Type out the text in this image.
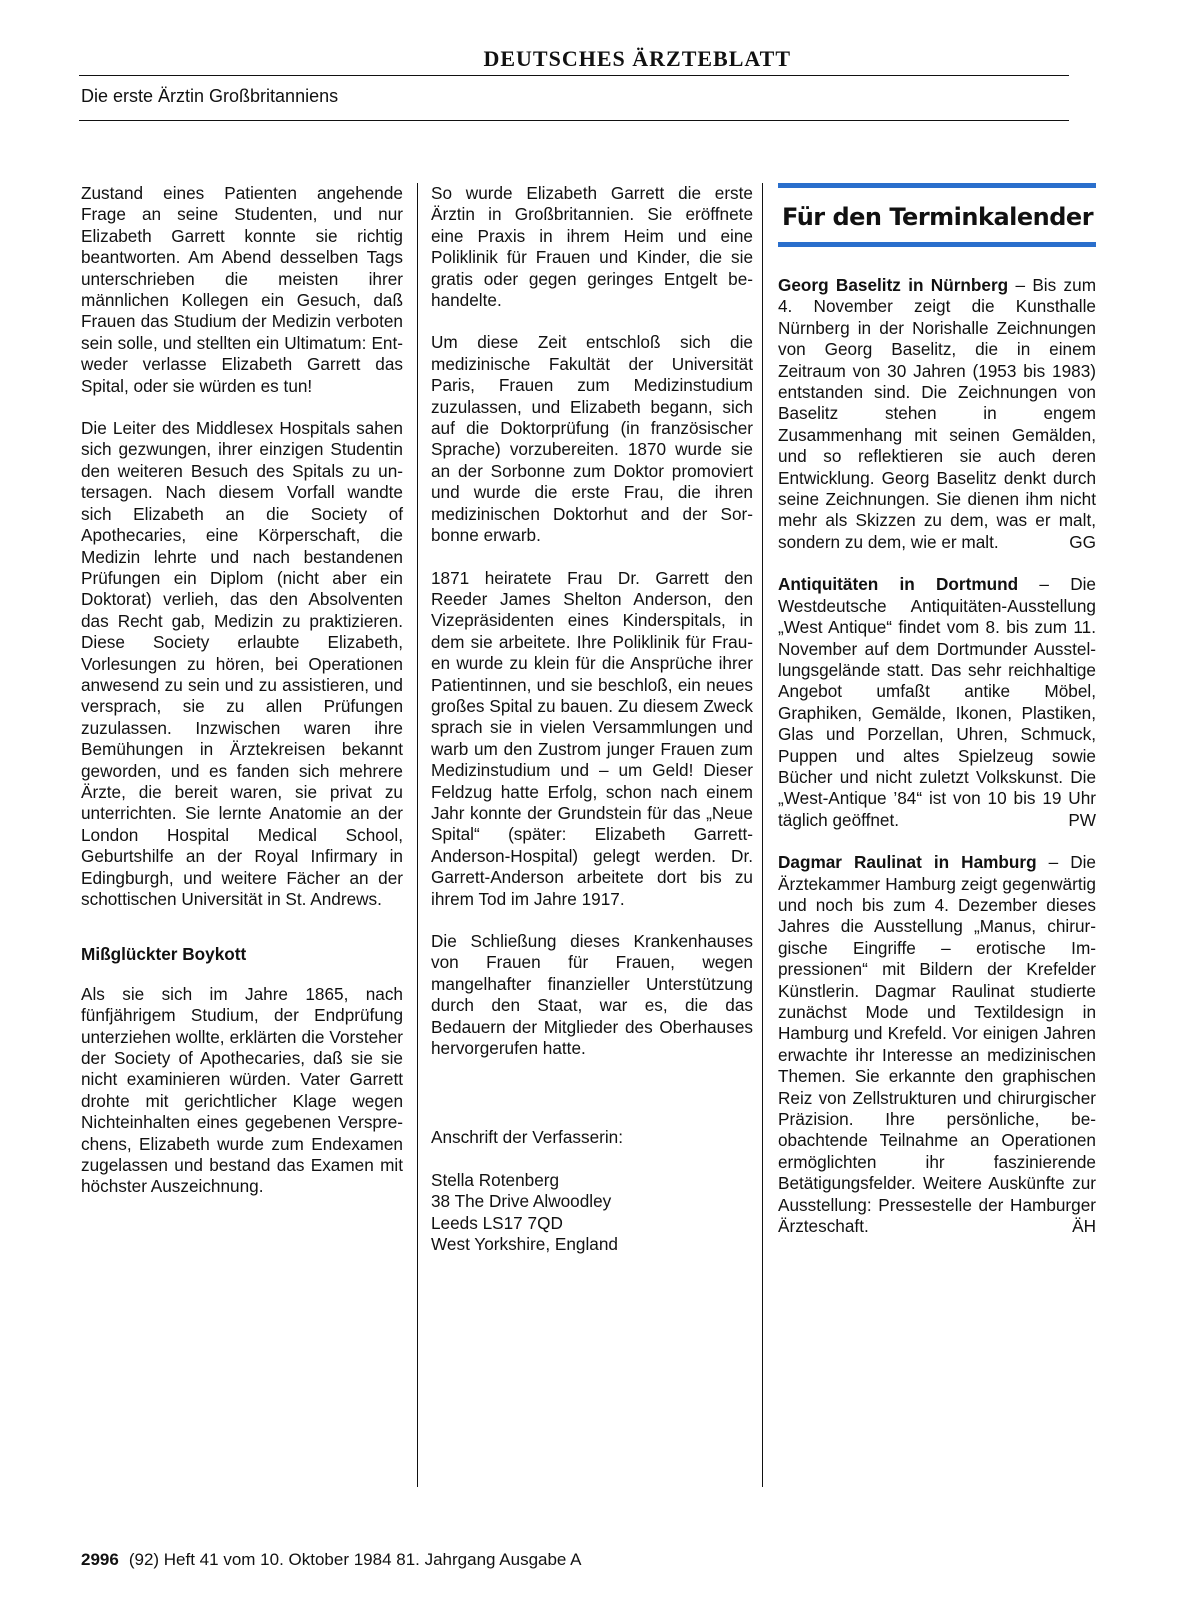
DEUTSCHES ÄRZTEBLATT
Die erste Ärztin Großbritanniens

Zustand eines Patienten angehende Frage an seine Studenten, und nur Elizabeth Garrett konnte sie richtig beantworten. Am Abend desselben Tags unterschrieben die meisten ihrer männlichen Kollegen ein Gesuch, daß Frauen das Studium der Medizin verboten sein solle, und stellten ein Ultimatum: Entweder verlasse Elizabeth Garrett das Spital, oder sie würden es tun!

Die Leiter des Middlesex Hospitals sahen sich gezwungen, ihrer einzigen Studentin den weiteren Besuch des Spitals zu untersagen. Nach diesem Vorfall wandte sich Elizabeth an die Society of Apothecaries, eine Körperschaft, die Medizin lehrte und nach bestandenen Prüfungen ein Diplom (nicht aber ein Doktorat) verlieh, das den Absolventen das Recht gab, Medizin zu praktizieren. Diese Society erlaubte Elizabeth, Vorlesungen zu hören, bei Operationen anwesend zu sein und zu assistieren, und versprach, sie zu allen Prüfungen zuzulassen. Inzwischen waren ihre Bemühungen in Ärztekreisen bekannt geworden, und es fanden sich mehrere Ärzte, die bereit waren, sie privat zu unterrichten. Sie lernte Anatomie an der London Hospital Medical School, Geburtshilfe an der Royal Infirmary in Edingburgh, und weitere Fächer an der schottischen Universität in St. Andrews.

Mißglückter Boykott

Als sie sich im Jahre 1865, nach fünfjährigem Studium, der Endprüfung unterziehen wollte, erklärten die Vorsteher der Society of Apothecaries, daß sie sie nicht examinieren würden. Vater Garrett drohte mit gerichtlicher Klage wegen Nichteinhalten eines gegebenen Versprechens, Elizabeth wurde zum Endexamen zugelassen und bestand das Examen mit höchster Auszeichnung.

So wurde Elizabeth Garrett die erste Ärztin in Großbritannien. Sie eröffnete eine Praxis in ihrem Heim und eine Poliklinik für Frauen und Kinder, die sie gratis oder gegen geringes Entgelt behandelte.

Um diese Zeit entschloß sich die medizinische Fakultät der Universität Paris, Frauen zum Medizinstudium zuzulassen, und Elizabeth begann, sich auf die Doktorprüfung (in französischer Sprache) vorzubereiten. 1870 wurde sie an der Sorbonne zum Doktor promoviert und wurde die erste Frau, die ihren medizinischen Doktorhut and der Sorbonne erwarb.

1871 heiratete Frau Dr. Garrett den Reeder James Shelton Anderson, den Vizepräsidenten eines Kinderspitals, in dem sie arbeitete. Ihre Poliklinik für Frauen wurde zu klein für die Ansprüche ihrer Patientinnen, und sie beschloß, ein neues großes Spital zu bauen. Zu diesem Zweck sprach sie in vielen Versammlungen und warb um den Zustrom junger Frauen zum Medizinstudium und – um Geld! Dieser Feldzug hatte Erfolg, schon nach einem Jahr konnte der Grundstein für das „Neue Spital“ (später: Elizabeth Garrett-Anderson-Hospital) gelegt werden. Dr. Garrett-Anderson arbeitete dort bis zu ihrem Tod im Jahre 1917.

Die Schließung dieses Krankenhauses von Frauen für Frauen, wegen mangelhafter finanzieller Unterstützung durch den Staat, war es, die das Bedauern der Mitglieder des Oberhauses hervorgerufen hatte.

Anschrift der Verfasserin:

Stella Rotenberg
38 The Drive Alwoodley
Leeds LS17 7QD
West Yorkshire, England

Für den Terminkalender

Georg Baselitz in Nürnberg – Bis zum 4. November zeigt die Kunsthalle Nürnberg in der Norishalle Zeichnungen von Georg Baselitz, die in einem Zeitraum von 30 Jahren (1953 bis 1983) entstanden sind. Die Zeichnungen von Baselitz stehen in engem Zusammenhang mit seinen Gemälden, und so reflektieren sie auch deren Entwicklung. Georg Baselitz denkt durch seine Zeichnungen. Sie dienen ihm nicht mehr als Skizzen zu dem, was er malt, sondern zu dem, wie er malt.	GG

Antiquitäten in Dortmund – Die Westdeutsche Antiquitäten-Ausstellung „West Antique“ findet vom 8. bis zum 11. November auf dem Dortmunder Ausstellungsgelände statt. Das sehr reichhaltige Angebot umfaßt antike Möbel, Graphiken, Gemälde, Ikonen, Plastiken, Glas und Porzellan, Uhren, Schmuck, Puppen und altes Spielzeug sowie Bücher und nicht zuletzt Volkskunst. Die „West-Antique ’84“ ist von 10 bis 19 Uhr täglich geöffnet.	PW

Dagmar Raulinat in Hamburg – Die Ärztekammer Hamburg zeigt gegenwärtig und noch bis zum 4. Dezember dieses Jahres die Ausstellung „Manus, chirurgische Eingriffe – erotische Impressionen“ mit Bildern der Krefelder Künstlerin. Dagmar Raulinat studierte zunächst Mode und Textildesign in Hamburg und Krefeld. Vor einigen Jahren erwachte ihr Interesse an medizinischen Themen. Sie erkannte den graphischen Reiz von Zellstrukturen und chirurgischer Präzision. Ihre persönliche, beobachtende Teilnahme an Operationen ermöglichten ihr faszinierende Betätigungsfelder. Weitere Auskünfte zur Ausstellung: Pressestelle der Hamburger Ärzteschaft.	ÄH

2996 (92) Heft 41 vom 10. Oktober 1984 81. Jahrgang Ausgabe A
